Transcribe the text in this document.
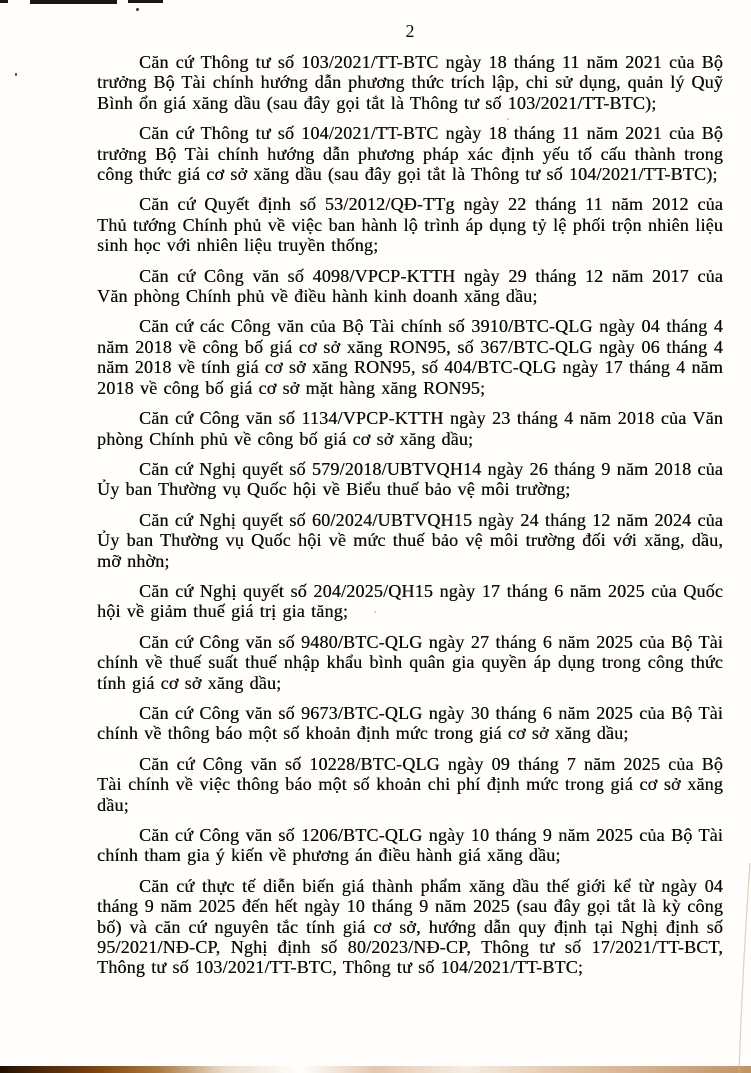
2

Căn cứ Thông tư số 103/2021/TT-BTC ngày 18 tháng 11 năm 2021 của Bộ trưởng Bộ Tài chính hướng dẫn phương thức trích lập, chi sử dụng, quản lý Quỹ Bình ổn giá xăng dầu (sau đây gọi tắt là Thông tư số 103/2021/TT-BTC);

Căn cứ Thông tư số 104/2021/TT-BTC ngày 18 tháng 11 năm 2021 của Bộ trưởng Bộ Tài chính hướng dẫn phương pháp xác định yếu tố cấu thành trong công thức giá cơ sở xăng dầu (sau đây gọi tắt là Thông tư số 104/2021/TT-BTC);

Căn cứ Quyết định số 53/2012/QĐ-TTg ngày 22 tháng 11 năm 2012 của Thủ tướng Chính phủ về việc ban hành lộ trình áp dụng tỷ lệ phối trộn nhiên liệu sinh học với nhiên liệu truyền thống;

Căn cứ Công văn số 4098/VPCP-KTTH ngày 29 tháng 12 năm 2017 của Văn phòng Chính phủ về điều hành kinh doanh xăng dầu;

Căn cứ các Công văn của Bộ Tài chính số 3910/BTC-QLG ngày 04 tháng 4 năm 2018 về công bố giá cơ sở xăng RON95, số 367/BTC-QLG ngày 06 tháng 4 năm 2018 về tính giá cơ sở xăng RON95, số 404/BTC-QLG ngày 17 tháng 4 năm 2018 về công bố giá cơ sở mặt hàng xăng RON95;

Căn cứ Công văn số 1134/VPCP-KTTH ngày 23 tháng 4 năm 2018 của Văn phòng Chính phủ về công bố giá cơ sở xăng dầu;

Căn cứ Nghị quyết số 579/2018/UBTVQH14 ngày 26 tháng 9 năm 2018 của Ủy ban Thường vụ Quốc hội về Biểu thuế bảo vệ môi trường;

Căn cứ Nghị quyết số 60/2024/UBTVQH15 ngày 24 tháng 12 năm 2024 của Ủy ban Thường vụ Quốc hội về mức thuế bảo vệ môi trường đối với xăng, dầu, mỡ nhờn;

Căn cứ Nghị quyết số 204/2025/QH15 ngày 17 tháng 6 năm 2025 của Quốc hội về giảm thuế giá trị gia tăng;

Căn cứ Công văn số 9480/BTC-QLG ngày 27 tháng 6 năm 2025 của Bộ Tài chính về thuế suất thuế nhập khẩu bình quân gia quyền áp dụng trong công thức tính giá cơ sở xăng dầu;

Căn cứ Công văn số 9673/BTC-QLG ngày 30 tháng 6 năm 2025 của Bộ Tài chính về thông báo một số khoản định mức trong giá cơ sở xăng dầu;

Căn cứ Công văn số 10228/BTC-QLG ngày 09 tháng 7 năm 2025 của Bộ Tài chính về việc thông báo một số khoản chi phí định mức trong giá cơ sở xăng dầu;

Căn cứ Công văn số 1206/BTC-QLG ngày 10 tháng 9 năm 2025 của Bộ Tài chính tham gia ý kiến về phương án điều hành giá xăng dầu;

Căn cứ thực tế diễn biến giá thành phẩm xăng dầu thế giới kể từ ngày 04 tháng 9 năm 2025 đến hết ngày 10 tháng 9 năm 2025 (sau đây gọi tắt là kỳ công bố) và căn cứ nguyên tắc tính giá cơ sở, hướng dẫn quy định tại Nghị định số 95/2021/NĐ-CP, Nghị định số 80/2023/NĐ-CP, Thông tư số 17/2021/TT-BCT, Thông tư số 103/2021/TT-BTC, Thông tư số 104/2021/TT-BTC;
